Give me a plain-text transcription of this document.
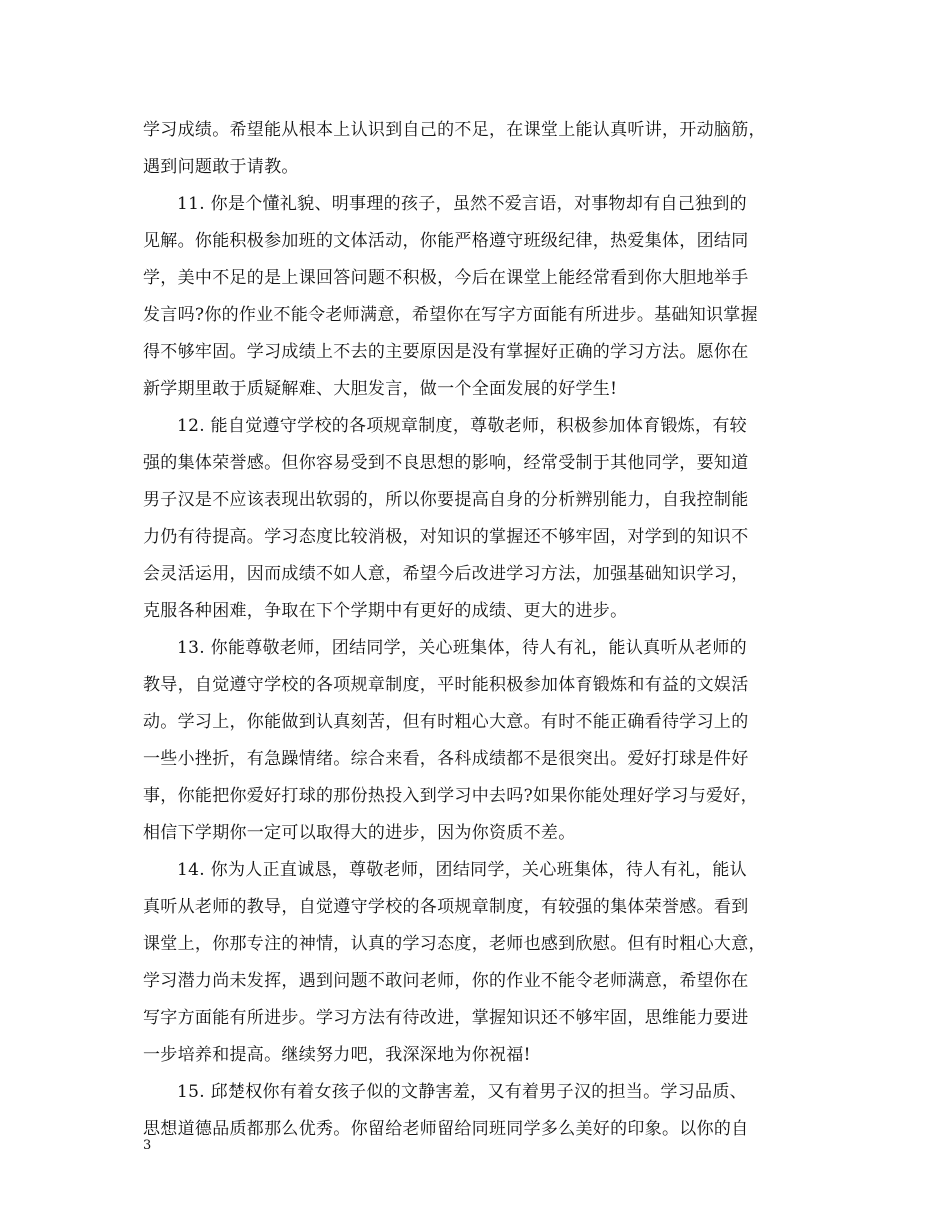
学习成绩。希望能从根本上认识到自己的不足，在课堂上能认真听讲，开动脑筋，
遇到问题敢于请教。
11. 你是个懂礼貌、明事理的孩子，虽然不爱言语，对事物却有自己独到的
见解。你能积极参加班的文体活动，你能严格遵守班级纪律，热爱集体，团结同
学，美中不足的是上课回答问题不积极，今后在课堂上能经常看到你大胆地举手
发言吗?你的作业不能令老师满意，希望你在写字方面能有所进步。基础知识掌握
得不够牢固。学习成绩上不去的主要原因是没有掌握好正确的学习方法。愿你在
新学期里敢于质疑解难、大胆发言，做一个全面发展的好学生!
12. 能自觉遵守学校的各项规章制度，尊敬老师，积极参加体育锻炼，有较
强的集体荣誉感。但你容易受到不良思想的影响，经常受制于其他同学，要知道
男子汉是不应该表现出软弱的，所以你要提高自身的分析辨别能力，自我控制能
力仍有待提高。学习态度比较消极，对知识的掌握还不够牢固，对学到的知识不
会灵活运用，因而成绩不如人意，希望今后改进学习方法，加强基础知识学习，
克服各种困难，争取在下个学期中有更好的成绩、更大的进步。
13. 你能尊敬老师，团结同学，关心班集体，待人有礼，能认真听从老师的
教导，自觉遵守学校的各项规章制度，平时能积极参加体育锻炼和有益的文娱活
动。学习上，你能做到认真刻苦，但有时粗心大意。有时不能正确看待学习上的
一些小挫折，有急躁情绪。综合来看，各科成绩都不是很突出。爱好打球是件好
事，你能把你爱好打球的那份热投入到学习中去吗?如果你能处理好学习与爱好，
相信下学期你一定可以取得大的进步，因为你资质不差。
14. 你为人正直诚恳，尊敬老师，团结同学，关心班集体，待人有礼，能认
真听从老师的教导，自觉遵守学校的各项规章制度，有较强的集体荣誉感。看到
课堂上，你那专注的神情，认真的学习态度，老师也感到欣慰。但有时粗心大意，
学习潜力尚未发挥，遇到问题不敢问老师，你的作业不能令老师满意，希望你在
写字方面能有所进步。学习方法有待改进，掌握知识还不够牢固，思维能力要进
一步培养和提高。继续努力吧，我深深地为你祝福!
15. 邱楚权你有着女孩子似的文静害羞，又有着男子汉的担当。学习品质、
思想道德品质都那么优秀。你留给老师留给同班同学多么美好的印象。以你的自
3
